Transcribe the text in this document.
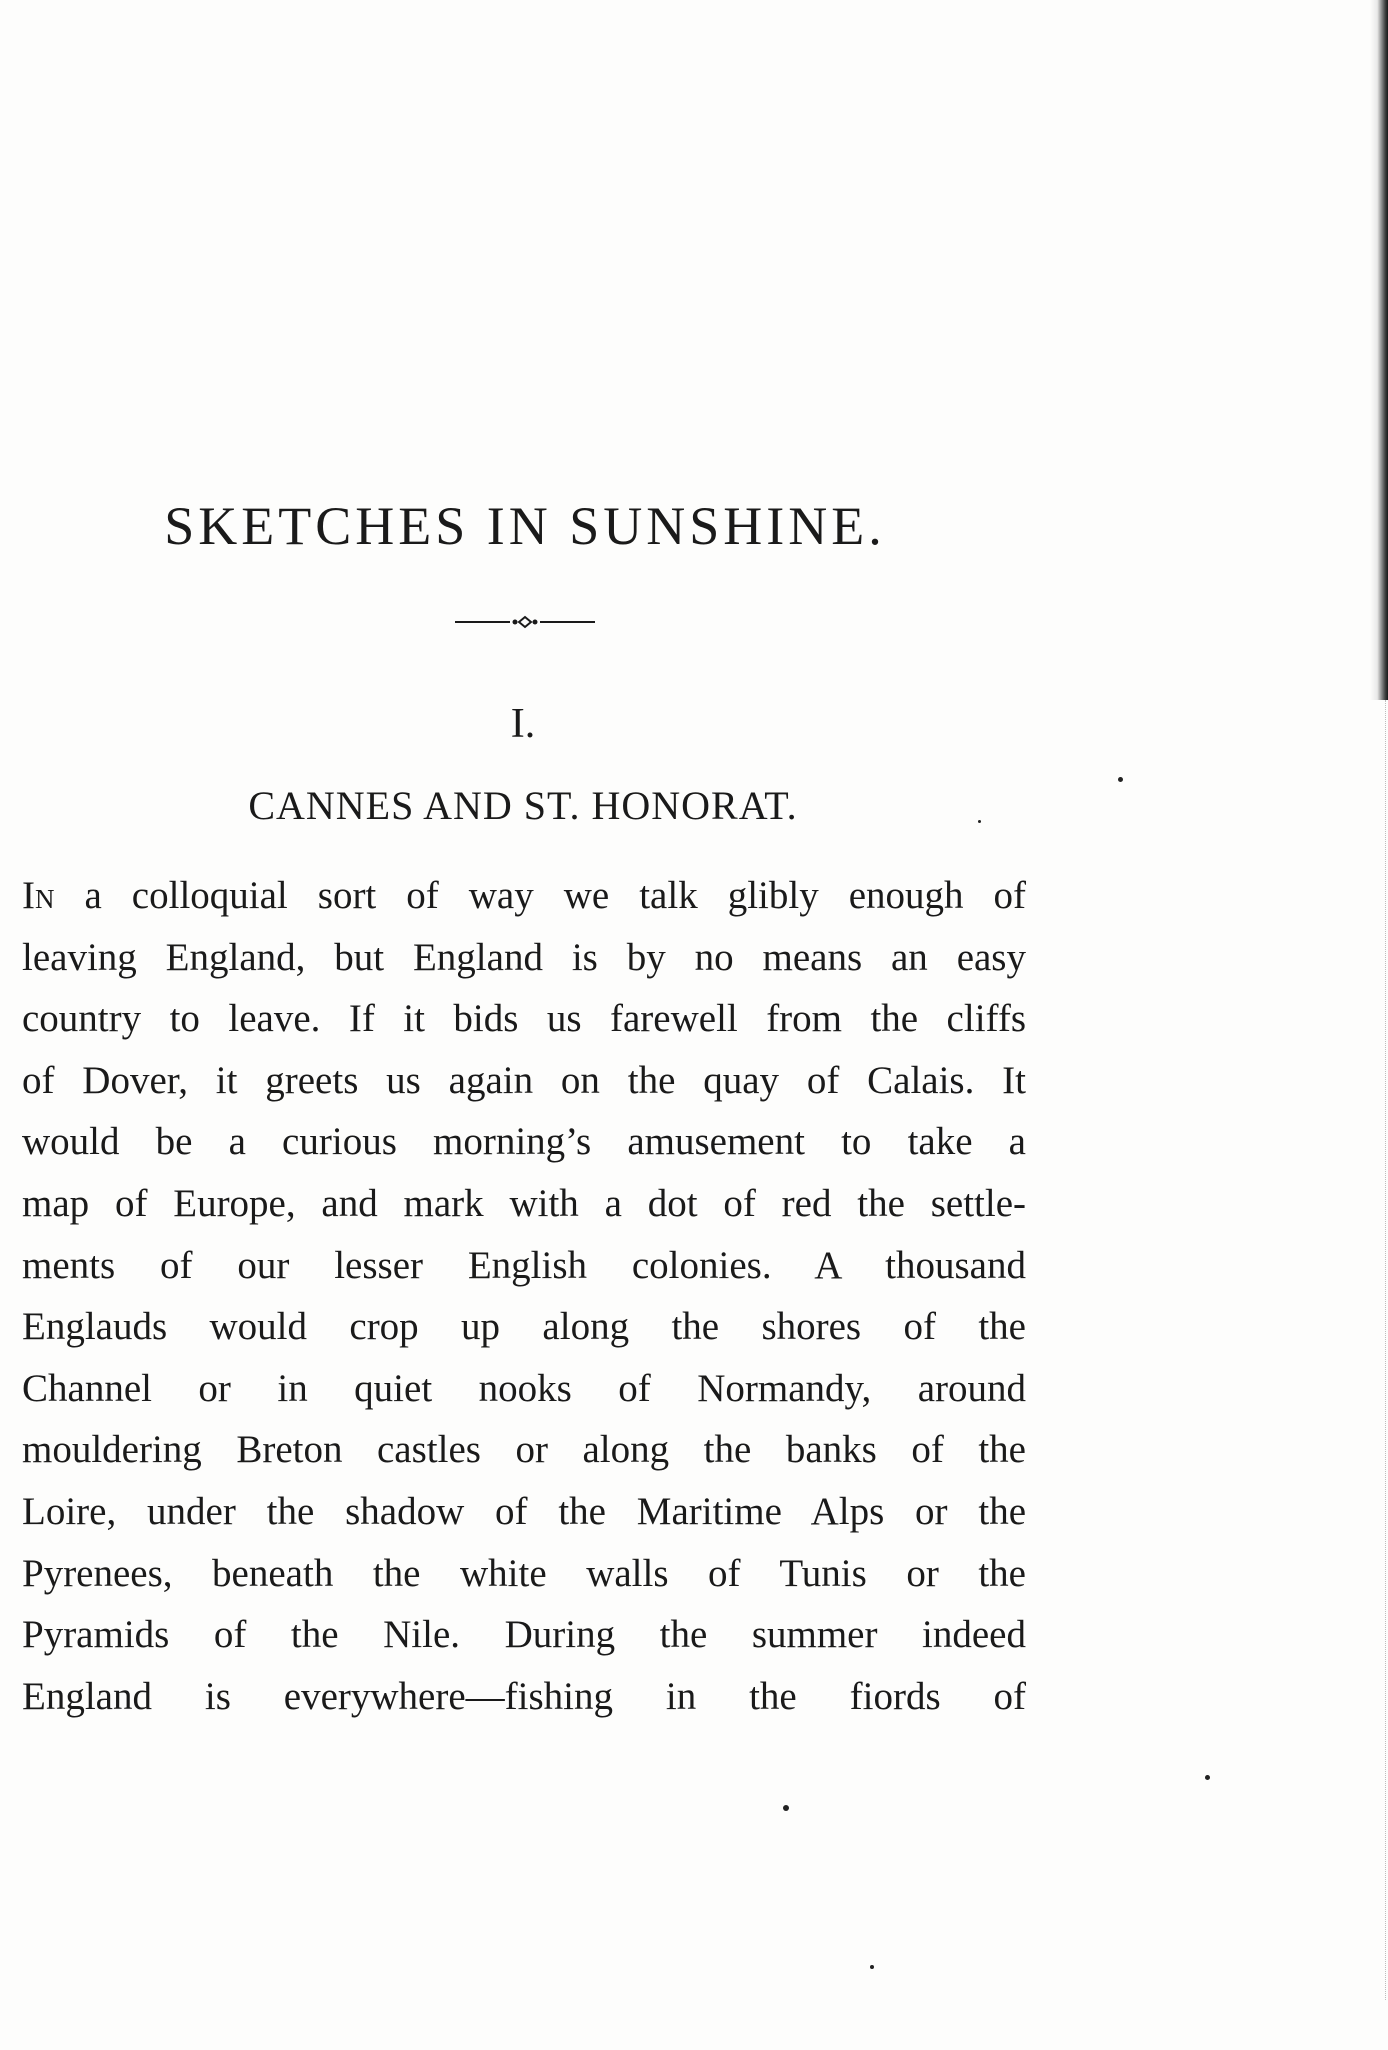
SKETCHES IN SUNSHINE.
I.
CANNES AND ST. HONORAT.
In a colloquial sort of way we talk glibly enough of
leaving England, but England is by no means an easy
country to leave. If it bids us farewell from the cliffs
of Dover, it greets us again on the quay of Calais. It
would be a curious morning’s amusement to take a
map of Europe, and mark with a dot of red the settle-
ments of our lesser English colonies. A thousand
Englauds would crop up along the shores of the
Channel or in quiet nooks of Normandy, around
mouldering Breton castles or along the banks of the
Loire, under the shadow of the Maritime Alps or the
Pyrenees, beneath the white walls of Tunis or the
Pyramids of the Nile. During the summer indeed
England is everywhere—fishing in the fiords of
